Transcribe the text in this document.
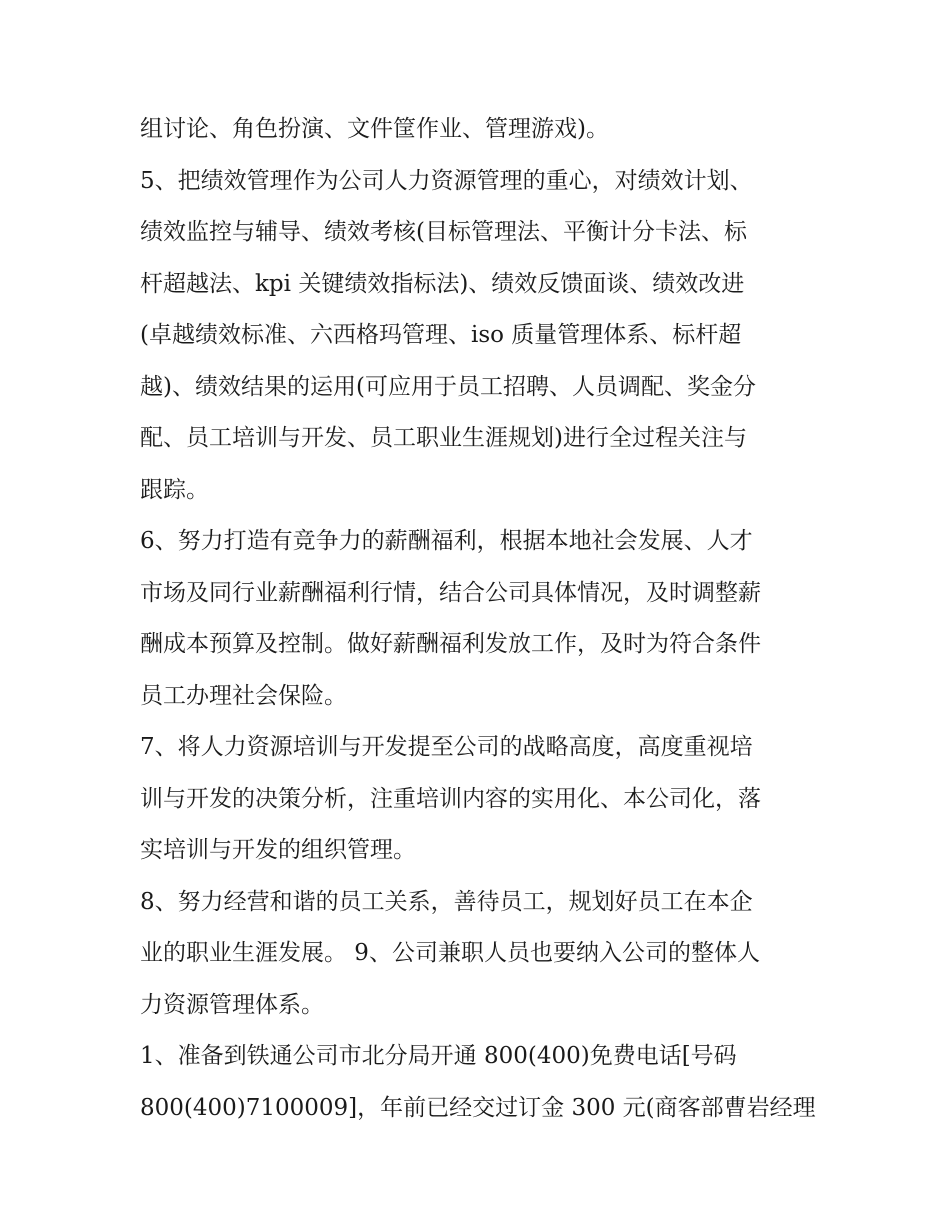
组讨论、角色扮演、文件筐作业、管理游戏)。
5、把绩效管理作为公司人力资源管理的重心，对绩效计划、
绩效监控与辅导、绩效考核(目标管理法、平衡计分卡法、标
杆超越法、kpi 关键绩效指标法)、绩效反馈面谈、绩效改进
(卓越绩效标准、六西格玛管理、iso 质量管理体系、标杆超
越)、绩效结果的运用(可应用于员工招聘、人员调配、奖金分
配、员工培训与开发、员工职业生涯规划)进行全过程关注与
跟踪。
6、努力打造有竞争力的薪酬福利，根据本地社会发展、人才
市场及同行业薪酬福利行情，结合公司具体情况，及时调整薪
酬成本预算及控制。做好薪酬福利发放工作，及时为符合条件
员工办理社会保险。
7、将人力资源培训与开发提至公司的战略高度，高度重视培
训与开发的决策分析，注重培训内容的实用化、本公司化，落
实培训与开发的组织管理。
8、努力经营和谐的员工关系，善待员工，规划好员工在本企
业的职业生涯发展。 9、公司兼职人员也要纳入公司的整体人
力资源管理体系。
1、准备到铁通公司市北分局开通 800(400)免费电话[号码
800(400)7100009]，年前已经交过订金 300 元(商客部曹岩经理
